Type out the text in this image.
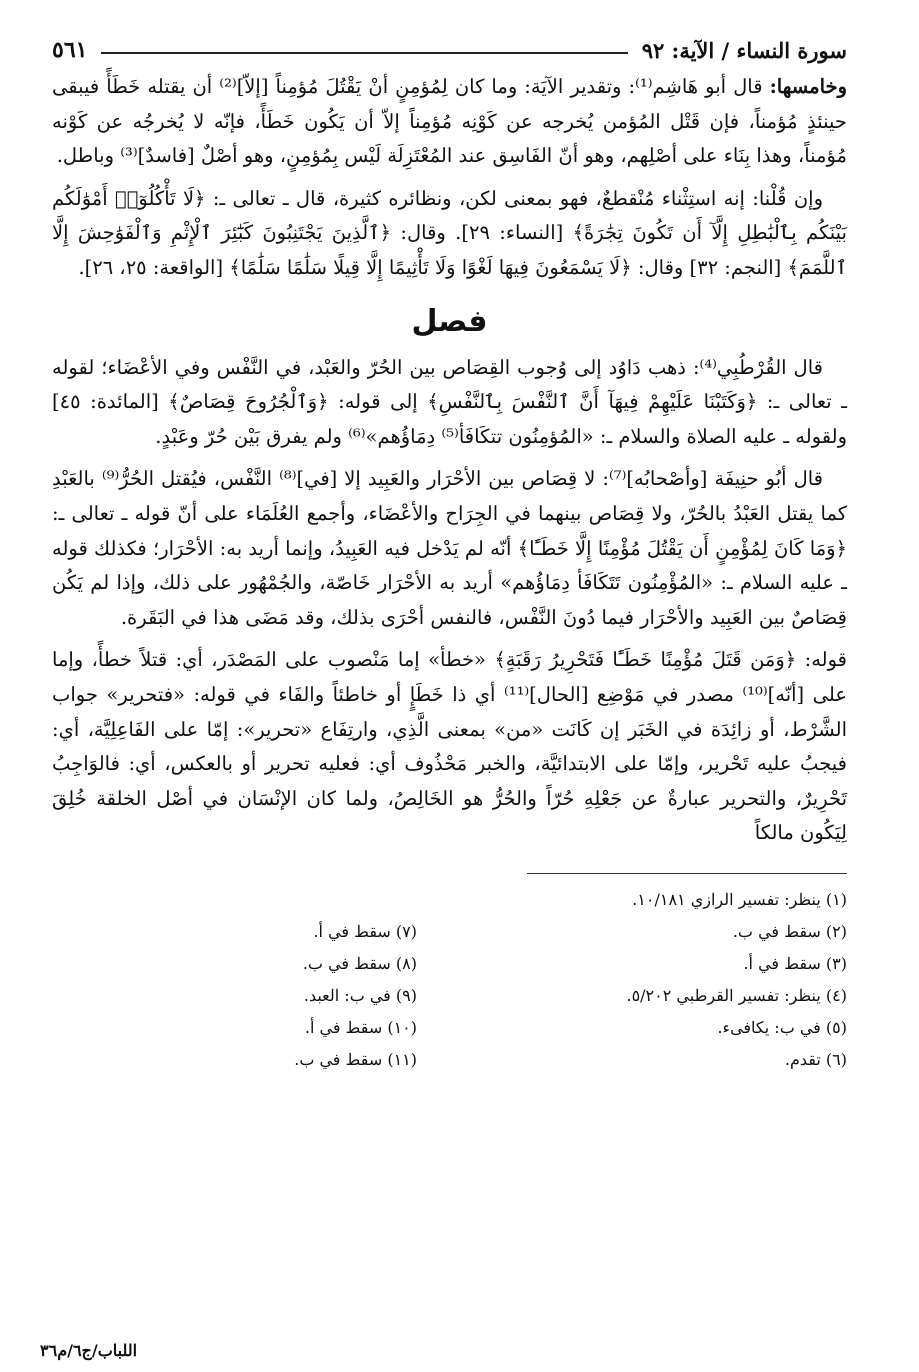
سورة النساء / الآية: ٩٢
٥٦١

وخامسها: قال أبو هَاشِم⁽¹⁾: وتقدير الآيَة: وما كان لِمُؤمِنٍ أنْ يَقْتُلَ مُؤمِناً [إلاّ]⁽²⁾ أن يقتله خَطَأً فيبقى حينئذٍ مُؤمناً، فإن قَتْل المُؤمن يُخرجه عن كَوْنِه مُؤمِناً إلاّ أن يَكُون خَطَأً، فإنّه لا يُخرجُه عن كَوْنه مُؤمناً، وهذا بِنَاء على أصْلِهم، وهو أنّ الفَاسِق عند المُعْتَزِلَة لَيْس بِمُؤمِنٍ، وهو أصْلٌ [فاسدٌ]⁽³⁾ وباطل.

وإن قُلْنا: إنه استِثْناء مُنْقطعٌ، فهو بمعنى لكن، ونظائره كثيرة، قال ـ تعالى ـ: ﴿لَا تَأْكُلُوٓا۟ أَمْوَٰلَكُم بَيْنَكُم بِٱلْبَٰطِلِ إِلَّآ أَن تَكُونَ تِجَٰرَةً﴾ [النساء: ٢٩]. وقال: ﴿ٱلَّذِينَ يَجْتَنِبُونَ كَبَٰٓئِرَ ٱلْإِثْمِ وَٱلْفَوَٰحِشَ إِلَّا ٱللَّمَمَ﴾ [النجم: ٣٢] وقال: ﴿لَا يَسْمَعُونَ فِيهَا لَغْوًا وَلَا تَأْثِيمًا إِلَّا قِيلًا سَلَٰمًا سَلَٰمًا﴾ [الواقعة: ٢٥، ٢٦].

فصل

قال القُرْطُبِي⁽⁴⁾: ذهب دَاوُد إلى وُجوب القِصَاص بين الحُرّ والعَبْد، في النَّفْس وفي الأعْضَاء؛ لقوله ـ تعالى ـ: ﴿وَكَتَبْنَا عَلَيْهِمْ فِيهَآ أَنَّ ٱلنَّفْسَ بِٱلنَّفْسِ﴾ إلى قوله: ﴿وَٱلْجُرُوحَ قِصَاصٌ﴾ [المائدة: ٤٥] ولقوله ـ عليه الصلاة والسلام ـ: «المُؤمِنُون تتكَافَأ⁽⁵⁾ دِمَاؤُهم»⁽⁶⁾ ولم يفرق بَيْن حُرّ وعَبْدٍ.

قال أبُو حنِيفَة [وأصْحابُه]⁽⁷⁾: لا قِصَاص بين الأحْرَار والعَبِيد إلا [في]⁽⁸⁾ النَّفْس، فيُقتل الحُرُّ⁽⁹⁾ بالعَبْدِ كما يقتل العَبْدُ بالحُرّ، ولا قِصَاص بينهما في الجِرَاح والأعْضَاء، وأجمع العُلَمَاء على أنّ قوله ـ تعالى ـ: ﴿وَمَا كَانَ لِمُؤْمِنٍ أَن يَقْتُلَ مُؤْمِنًا إِلَّا خَطَـًٔا﴾ أنّه لم يَدْخل فيه العَبِيدُ، وإنما أريد به: الأحْرَار؛ فكذلك قوله ـ عليه السلام ـ: «المُؤْمِنُون تَتَكَافَأ دِمَاؤُهم» أريد به الأحْرَار خَاصّة، والجُمْهُور على ذلك، وإذا لم يَكُن قِصَاصٌ بين العَبِيد والأحْرَار فيما دُونَ النَّفْس، فالنفس أحْرَى بذلك، وقد مَضَى هذا في البَقَرة.

قوله: ﴿وَمَن قَتَلَ مُؤْمِنًا خَطَـًٔا فَتَحْرِيرُ رَقَبَةٍ﴾ «خطأ» إما مَنْصوب على المَصْدَر، أي: قتلاً خطأً، وإما على [أنّه]⁽¹⁰⁾ مصدر في مَوْضِع [الحال]⁽¹¹⁾ أي ذا خَطَإٍ أو خاطئاً والفَاء في قوله: «فتحرير» جواب الشَّرْط، أو زائِدَة في الخَبَر إن كَانَت «من» بمعنى الَّذِي، وارتِفَاع «تحرير»: إمّا على الفَاعِلِيَّة، أي: فيجبُ عليه تَحْرير، وإمّا على الابتدائيَّة، والخبر مَحْذُوف أي: فعليه تحرير أو بالعكس، أي: فالوَاجِبُ تَحْرِيرٌ، والتحرير عبارةٌ عن جَعْلِهِ حُرّاً والحُرُّ هو الخَالِصُ، ولما كان الإنْسَان في أصْل الخلقة خُلِقَ لِيَكُون مالكاً

(١) ينظر: تفسير الرازي ١٠/١٨١.
(٢) سقط في ب.
(٣) سقط في أ.
(٤) ينظر: تفسير القرطبي ٥/٢٠٢.
(٥) في ب: يكافىء.
(٦) تقدم.
(٧) سقط في أ.
(٨) سقط في ب.
(٩) في ب: العبد.
(١٠) سقط في أ.
(١١) سقط في ب.
اللباب/ج٦/م٣٦
